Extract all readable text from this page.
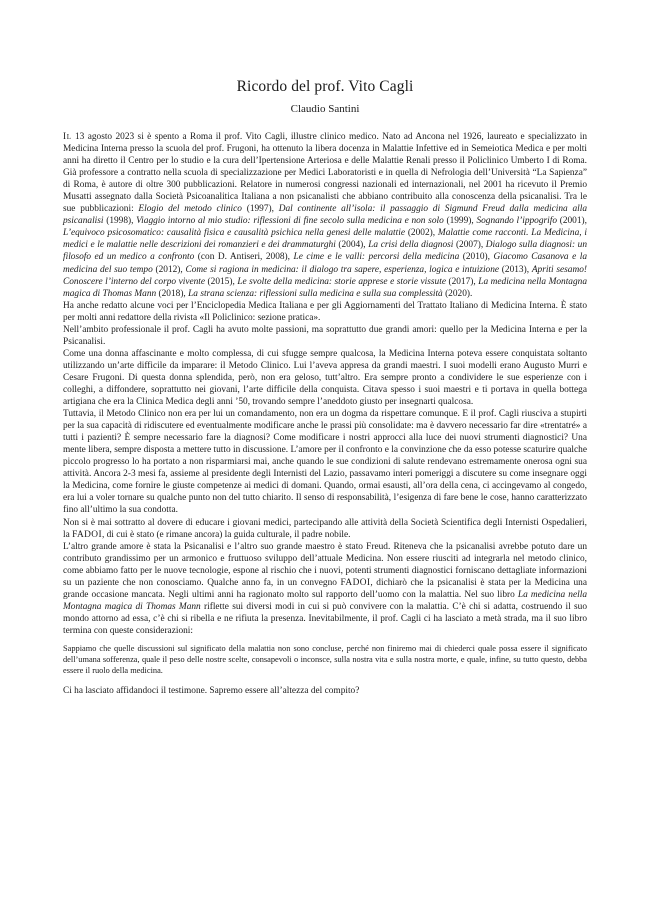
Ricordo del prof. Vito Cagli
Claudio Santini

Il 13 agosto 2023 si è spento a Roma il prof. Vito Cagli, illustre clinico medico. Nato ad Ancona nel 1926, laureato e specializzato in Medicina Interna presso la scuola del prof. Frugoni, ha ottenuto la libera docenza in Malattie Infettive ed in Semeiotica Medica e per molti anni ha diretto il Centro per lo studio e la cura dell’Ipertensione Arteriosa e delle Malattie Renali presso il Policlinico Umberto I di Roma. Già professore a contratto nella scuola di specializzazione per Medici Laboratoristi e in quella di Nefrologia dell’Università “La Sapienza” di Roma, è autore di oltre 300 pubblicazioni. Relatore in numerosi congressi nazionali ed internazionali, nel 2001 ha ricevuto il Premio Musatti assegnato dalla Società Psicoanalitica Italiana a non psicanalisti che abbiano contribuito alla conoscenza della psicanalisi. Tra le sue pubblicazioni: Elogio del metodo clinico (1997), Dal continente all’isola: il passaggio di Sigmund Freud dalla medicina alla psicanalisi (1998), Viaggio intorno al mio studio: riflessioni di fine secolo sulla medicina e non solo (1999), Sognando l’ippogrifo (2001), L’equivoco psicosomatico: causalità fisica e causalità psichica nella genesi delle malattie (2002), Malattie come racconti. La Medicina, i medici e le malattie nelle descrizioni dei romanzieri e dei drammaturghi (2004), La crisi della diagnosi (2007), Dialogo sulla diagnosi: un filosofo ed un medico a confronto (con D. Antiseri, 2008), Le cime e le valli: percorsi della medicina (2010), Giacomo Casanova e la medicina del suo tempo (2012), Come si ragiona in medicina: il dialogo tra sapere, esperienza, logica e intuizione (2013), Apriti sesamo! Conoscere l’interno del corpo vivente (2015), Le svolte della medicina: storie apprese e storie vissute (2017), La medicina nella Montagna magica di Thomas Mann (2018), La strana scienza: riflessioni sulla medicina e sulla sua complessità (2020).

Ha anche redatto alcune voci per l’Enciclopedia Medica Italiana e per gli Aggiornamenti del Trattato Italiano di Medicina Interna. È stato per molti anni redattore della rivista «Il Policlinico: sezione pratica».

Nell’ambito professionale il prof. Cagli ha avuto molte passioni, ma soprattutto due grandi amori: quello per la Medicina Interna e per la Psicanalisi.

Come una donna affascinante e molto complessa, di cui sfugge sempre qualcosa, la Medicina Interna poteva essere conquistata soltanto utilizzando un’arte difficile da imparare: il Metodo Clinico. Lui l’aveva appresa da grandi maestri. I suoi modelli erano Augusto Murri e Cesare Frugoni. Di questa donna splendida, però, non era geloso, tutt’altro. Era sempre pronto a condividere le sue esperienze con i colleghi, a diffondere, soprattutto nei giovani, l’arte difficile della conquista. Citava spesso i suoi maestri e ti portava in quella bottega artigiana che era la Clinica Medica degli anni ’50, trovando sempre l’aneddoto giusto per insegnarti qualcosa.

Tuttavia, il Metodo Clinico non era per lui un comandamento, non era un dogma da rispettare comunque. E il prof. Cagli riusciva a stupirti per la sua capacità di ridiscutere ed eventualmente modificare anche le prassi più consolidate: ma è davvero necessario far dire «trentatré» a tutti i pazienti? È sempre necessario fare la diagnosi? Come modificare i nostri approcci alla luce dei nuovi strumenti diagnostici? Una mente libera, sempre disposta a mettere tutto in discussione. L’amore per il confronto e la convinzione che da esso potesse scaturire qualche piccolo progresso lo ha portato a non risparmiarsi mai, anche quando le sue condizioni di salute rendevano estremamente onerosa ogni sua attività. Ancora 2-3 mesi fa, assieme al presidente degli Internisti del Lazio, passavamo interi pomeriggi a discutere su come insegnare oggi la Medicina, come fornire le giuste competenze ai medici di domani. Quando, ormai esausti, all’ora della cena, ci accingevamo al congedo, era lui a voler tornare su qualche punto non del tutto chiarito. Il senso di responsabilità, l’esigenza di fare bene le cose, hanno caratterizzato fino all’ultimo la sua condotta.

Non si è mai sottratto al dovere di educare i giovani medici, partecipando alle attività della Società Scientifica degli Internisti Ospedalieri, la FADOI, di cui è stato (e rimane ancora) la guida culturale, il padre nobile.

L’altro grande amore è stata la Psicanalisi e l’altro suo grande maestro è stato Freud. Riteneva che la psicanalisi avrebbe potuto dare un contributo grandissimo per un armonico e fruttuoso sviluppo dell’attuale Medicina. Non essere riusciti ad integrarla nel metodo clinico, come abbiamo fatto per le nuove tecnologie, espone al rischio che i nuovi, potenti strumenti diagnostici forniscano dettagliate informazioni su un paziente che non conosciamo. Qualche anno fa, in un convegno FADOI, dichiarò che la psicanalisi è stata per la Medicina una grande occasione mancata. Negli ultimi anni ha ragionato molto sul rapporto dell’uomo con la malattia. Nel suo libro La medicina nella Montagna magica di Thomas Mann riflette sui diversi modi in cui si può convivere con la malattia. C’è chi si adatta, costruendo il suo mondo attorno ad essa, c’è chi si ribella e ne rifiuta la presenza. Inevitabilmente, il prof. Cagli ci ha lasciato a metà strada, ma il suo libro termina con queste considerazioni:

Sappiamo che quelle discussioni sul significato della malattia non sono concluse, perché non finiremo mai di chiederci quale possa essere il significato dell’umana sofferenza, quale il peso delle nostre scelte, consapevoli o inconsce, sulla nostra vita e sulla nostra morte, e quale, infine, su tutto questo, debba essere il ruolo della medicina.

Ci ha lasciato affidandoci il testimone. Sapremo essere all’altezza del compito?
